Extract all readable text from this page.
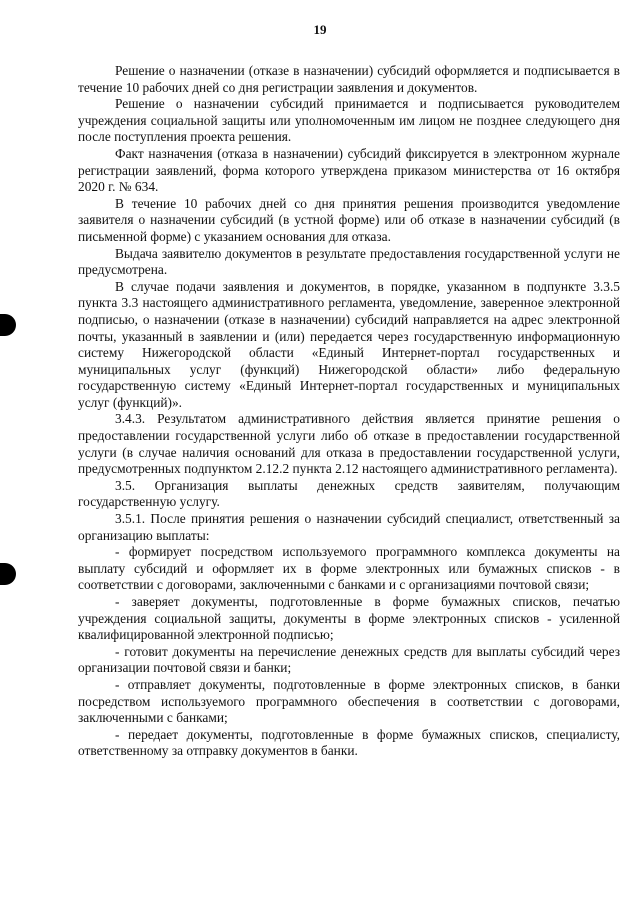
19

Решение о назначении (отказе в назначении) субсидий оформляется и подписывается в течение 10 рабочих дней со дня регистрации заявления и документов.

Решение о назначении субсидий принимается и подписывается руководителем учреждения социальной защиты или уполномоченным им лицом не позднее следующего дня после поступления проекта решения.

Факт назначения (отказа в назначении) субсидий фиксируется в электронном журнале регистрации заявлений, форма которого утверждена приказом министерства от 16 октября 2020 г. № 634.

В течение 10 рабочих дней со дня принятия решения производится уведомление заявителя о назначении субсидий (в устной форме) или об отказе в назначении субсидий (в письменной форме) с указанием основания для отказа.

Выдача заявителю документов в результате предоставления государственной услуги не предусмотрена.

В случае подачи заявления и документов, в порядке, указанном в подпункте 3.3.5 пункта 3.3 настоящего административного регламента, уведомление, заверенное электронной подписью, о назначении (отказе в назначении) субсидий направляется на адрес электронной почты, указанный в заявлении и (или) передается через государственную информационную систему Нижегородской области «Единый Интернет-портал государственных и муниципальных услуг (функций) Нижегородской области» либо федеральную государственную систему «Единый Интернет-портал государственных и муниципальных услуг (функций)».

3.4.3. Результатом административного действия является принятие решения о предоставлении государственной услуги либо об отказе в предоставлении государственной услуги (в случае наличия оснований для отказа в предоставлении государственной услуги, предусмотренных подпунктом 2.12.2 пункта 2.12 настоящего административного регламента).

3.5. Организация выплаты денежных средств заявителям, получающим государственную услугу.

3.5.1. После принятия решения о назначении субсидий специалист, ответственный за организацию выплаты:

- формирует посредством используемого программного комплекса документы на выплату субсидий и оформляет их в форме электронных или бумажных списков - в соответствии с договорами, заключенными с банками и с организациями почтовой связи;

- заверяет документы, подготовленные в форме бумажных списков, печатью учреждения социальной защиты, документы в форме электронных списков - усиленной квалифицированной электронной подписью;

- готовит документы на перечисление денежных средств для выплаты субсидий через организации почтовой связи и банки;

- отправляет документы, подготовленные в форме электронных списков, в банки посредством используемого программного обеспечения в соответствии с договорами, заключенными с банками;

- передает документы, подготовленные в форме бумажных списков, специалисту, ответственному за отправку документов в банки.
